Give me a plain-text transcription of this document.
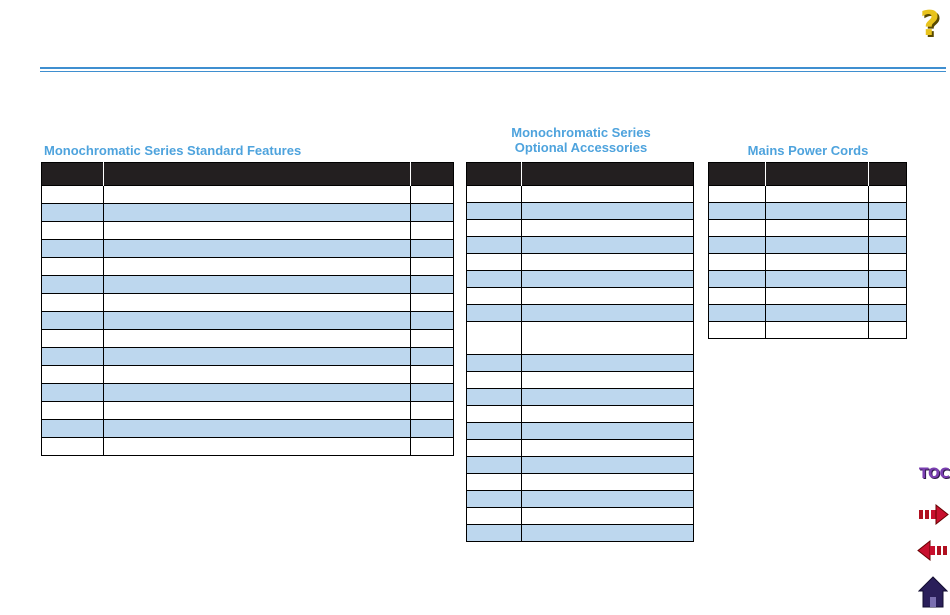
?
Monochromatic Series Standard Features

Monochromatic Series
Optional Accessories

		Mains Power Cords

TOC
